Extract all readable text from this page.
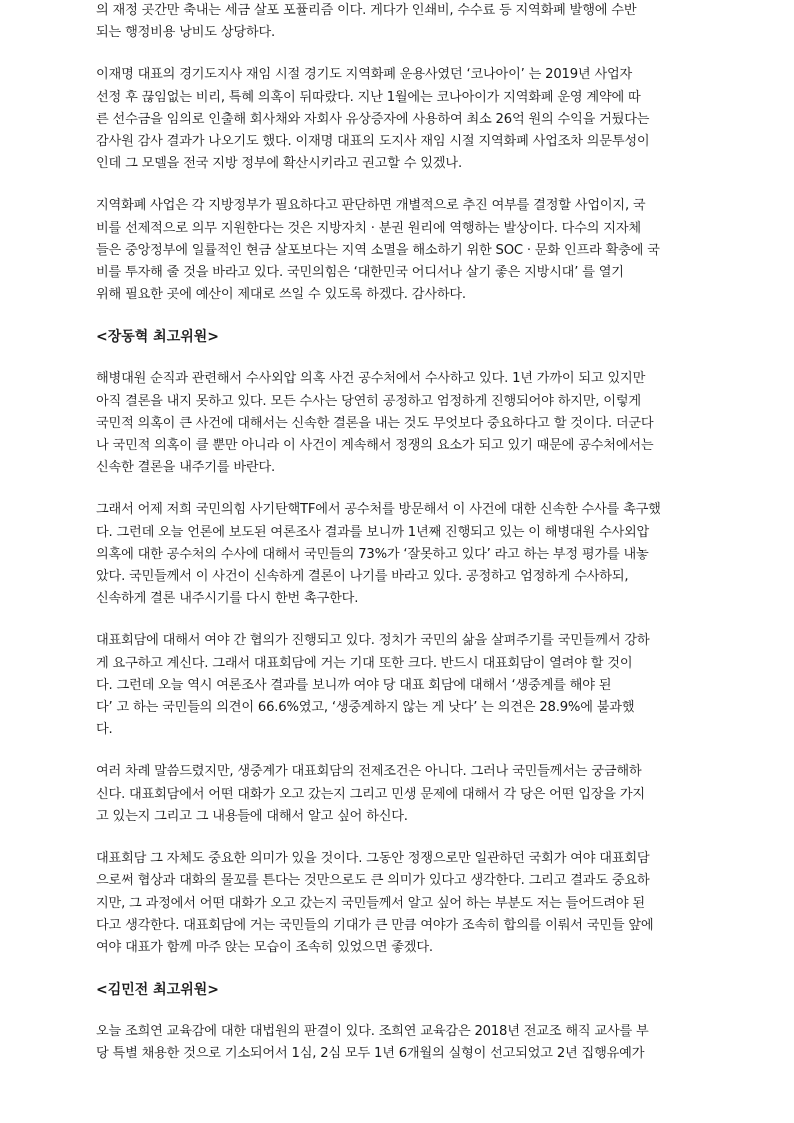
의 재정 곳간만 축내는 세금 살포 포퓰리즘 이다. 게다가 인쇄비, 수수료 등 지역화폐 발행에 수반
되는 행정비용 낭비도 상당하다.

이재명 대표의 경기도지사 재임 시절 경기도 지역화폐 운용사였던 ‘코나아이’ 는 2019년 사업자
선정 후 끊임없는 비리, 특혜 의혹이 뒤따랐다. 지난 1월에는 코나아이가 지역화폐 운영 계약에 따
른 선수금을 임의로 인출해 회사채와 자회사 유상증자에 사용하여 최소 26억 원의 수익을 거뒀다는
감사원 감사 결과가 나오기도 했다. 이재명 대표의 도지사 재임 시절 지역화폐 사업조차 의문투성이
인데 그 모델을 전국 지방 정부에 확산시키라고 권고할 수 있겠나.

지역화폐 사업은 각 지방정부가 필요하다고 판단하면 개별적으로 추진 여부를 결정할 사업이지, 국
비를 선제적으로 의무 지원한다는 것은 지방자치 · 분권 원리에 역행하는 발상이다. 다수의 지자체
들은 중앙정부에 일률적인 현금 살포보다는 지역 소멸을 해소하기 위한 SOC · 문화 인프라 확충에 국
비를 투자해 줄 것을 바라고 있다. 국민의힘은 ‘대한민국 어디서나 살기 좋은 지방시대’ 를 열기
위해 필요한 곳에 예산이 제대로 쓰일 수 있도록 하겠다. 감사하다.

<장동혁 최고위원>

해병대원 순직과 관련해서 수사외압 의혹 사건 공수처에서 수사하고 있다. 1년 가까이 되고 있지만
아직 결론을 내지 못하고 있다. 모든 수사는 당연히 공정하고 엄정하게 진행되어야 하지만, 이렇게
국민적 의혹이 큰 사건에 대해서는 신속한 결론을 내는 것도 무엇보다 중요하다고 할 것이다. 더군다
나 국민적 의혹이 클 뿐만 아니라 이 사건이 계속해서 정쟁의 요소가 되고 있기 때문에 공수처에서는
신속한 결론을 내주기를 바란다.

그래서 어제 저희 국민의힘 사기탄핵TF에서 공수처를 방문해서 이 사건에 대한 신속한 수사를 촉구했
다. 그런데 오늘 언론에 보도된 여론조사 결과를 보니까 1년째 진행되고 있는 이 해병대원 수사외압
의혹에 대한 공수처의 수사에 대해서 국민들의 73%가 ‘잘못하고 있다’ 라고 하는 부정 평가를 내놓
았다. 국민들께서 이 사건이 신속하게 결론이 나기를 바라고 있다. 공정하고 엄정하게 수사하되,
신속하게 결론 내주시기를 다시 한번 촉구한다.

대표회담에 대해서 여야 간 협의가 진행되고 있다. 정치가 국민의 삶을 살펴주기를 국민들께서 강하
게 요구하고 계신다. 그래서 대표회담에 거는 기대 또한 크다. 반드시 대표회담이 열려야 할 것이
다. 그런데 오늘 역시 여론조사 결과를 보니까 여야 당 대표 회담에 대해서 ‘생중계를 해야 된
다’ 고 하는 국민들의 의견이 66.6%였고, ‘생중계하지 않는 게 낫다’ 는 의견은 28.9%에 불과했
다.

여러 차례 말씀드렸지만, 생중계가 대표회담의 전제조건은 아니다. 그러나 국민들께서는 궁금해하
신다. 대표회담에서 어떤 대화가 오고 갔는지 그리고 민생 문제에 대해서 각 당은 어떤 입장을 가지
고 있는지 그리고 그 내용들에 대해서 알고 싶어 하신다.

대표회담 그 자체도 중요한 의미가 있을 것이다. 그동안 정쟁으로만 일관하던 국회가 여야 대표회담
으로써 협상과 대화의 물꼬를 튼다는 것만으로도 큰 의미가 있다고 생각한다. 그리고 결과도 중요하
지만, 그 과정에서 어떤 대화가 오고 갔는지 국민들께서 알고 싶어 하는 부분도 저는 들어드려야 된
다고 생각한다. 대표회담에 거는 국민들의 기대가 큰 만큼 여야가 조속히 합의를 이뤄서 국민들 앞에
여야 대표가 함께 마주 앉는 모습이 조속히 있었으면 좋겠다.

<김민전 최고위원>

오늘 조희연 교육감에 대한 대법원의 판결이 있다. 조희연 교육감은 2018년 전교조 해직 교사를 부
당 특별 채용한 것으로 기소되어서 1심, 2심 모두 1년 6개월의 실형이 선고되었고 2년 집행유예가
